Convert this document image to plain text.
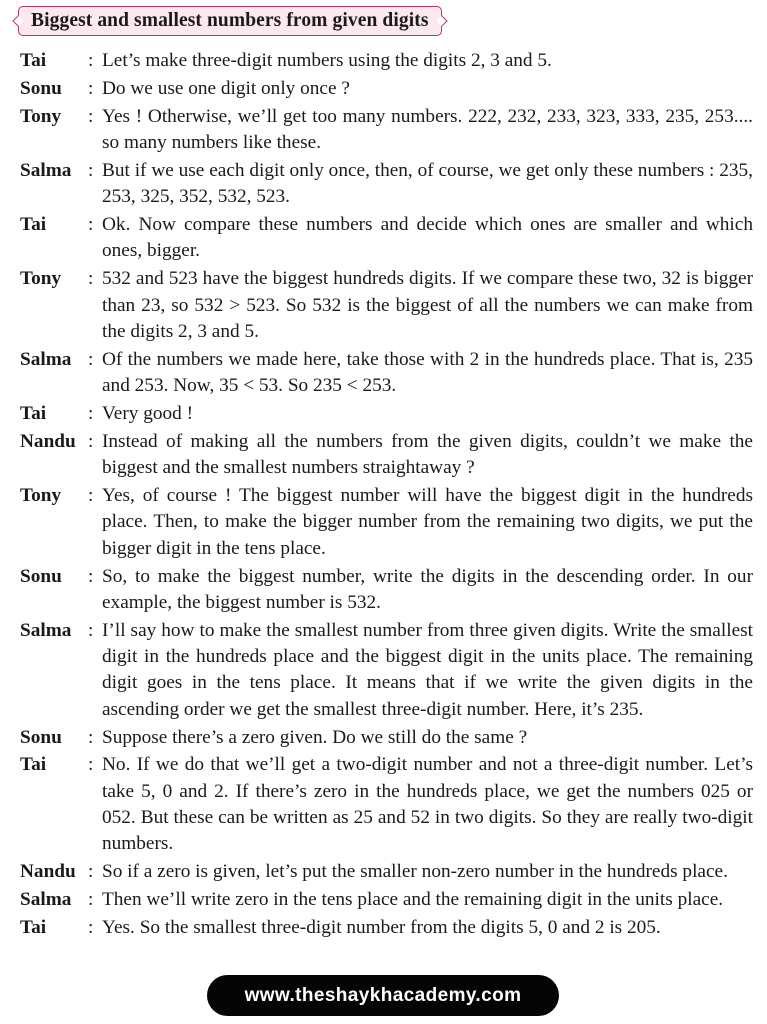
Biggest and smallest numbers from given digits
Tai	: Let’s make three-digit numbers using the digits 2, 3 and 5.
Sonu	: Do we use one digit only once ?
Tony	: Yes ! Otherwise, we’ll get too many numbers. 222, 232, 233, 323, 333, 235, 253.... so many numbers like these.
Salma : But if we use each digit only once, then, of course, we get only these numbers : 235, 253, 325, 352, 532, 523.
Tai	: Ok. Now compare these numbers and decide which ones are smaller and which ones, bigger.
Tony	: 532 and 523 have the biggest hundreds digits. If we compare these two, 32 is bigger than 23, so 532 > 523. So 532 is the biggest of all the numbers we can make from the digits 2, 3 and 5.
Salma : Of the numbers we made here, take those with 2 in the hundreds place. That is, 235 and 253. Now, 35 < 53. So 235 < 253.
Tai	: Very good !
Nandu : Instead of making all the numbers from the given digits, couldn’t we make the biggest and the smallest numbers straightaway ?
Tony	: Yes, of course ! The biggest number will have the biggest digit in the hundreds place. Then, to make the bigger number from the remaining two digits, we put the bigger digit in the tens place.
Sonu	: So, to make the biggest number, write the digits in the descending order. In our example, the biggest number is 532.
Salma : I’ll say how to make the smallest number from three given digits. Write the smallest digit in the hundreds place and the biggest digit in the units place. The remaining digit goes in the tens place. It means that if we write the given digits in the ascending order we get the smallest three-digit number. Here, it’s 235.
Sonu	: Suppose there’s a zero given. Do we still do the same ?
Tai	: No. If we do that we’ll get a two-digit number and not a three-digit number. Let’s take 5, 0 and 2. If there’s zero in the hundreds place, we get the numbers 025 or 052. But these can be written as 25 and 52 in two digits. So they are really two-digit numbers.
Nandu : So if a zero is given, let’s put the smaller non-zero number in the hundreds place.
Salma : Then we’ll write zero in the tens place and the remaining digit in the units place.
Tai	: Yes. So the smallest three-digit number from the digits 5, 0 and 2 is 205.
www.theshaykhacademy.com
